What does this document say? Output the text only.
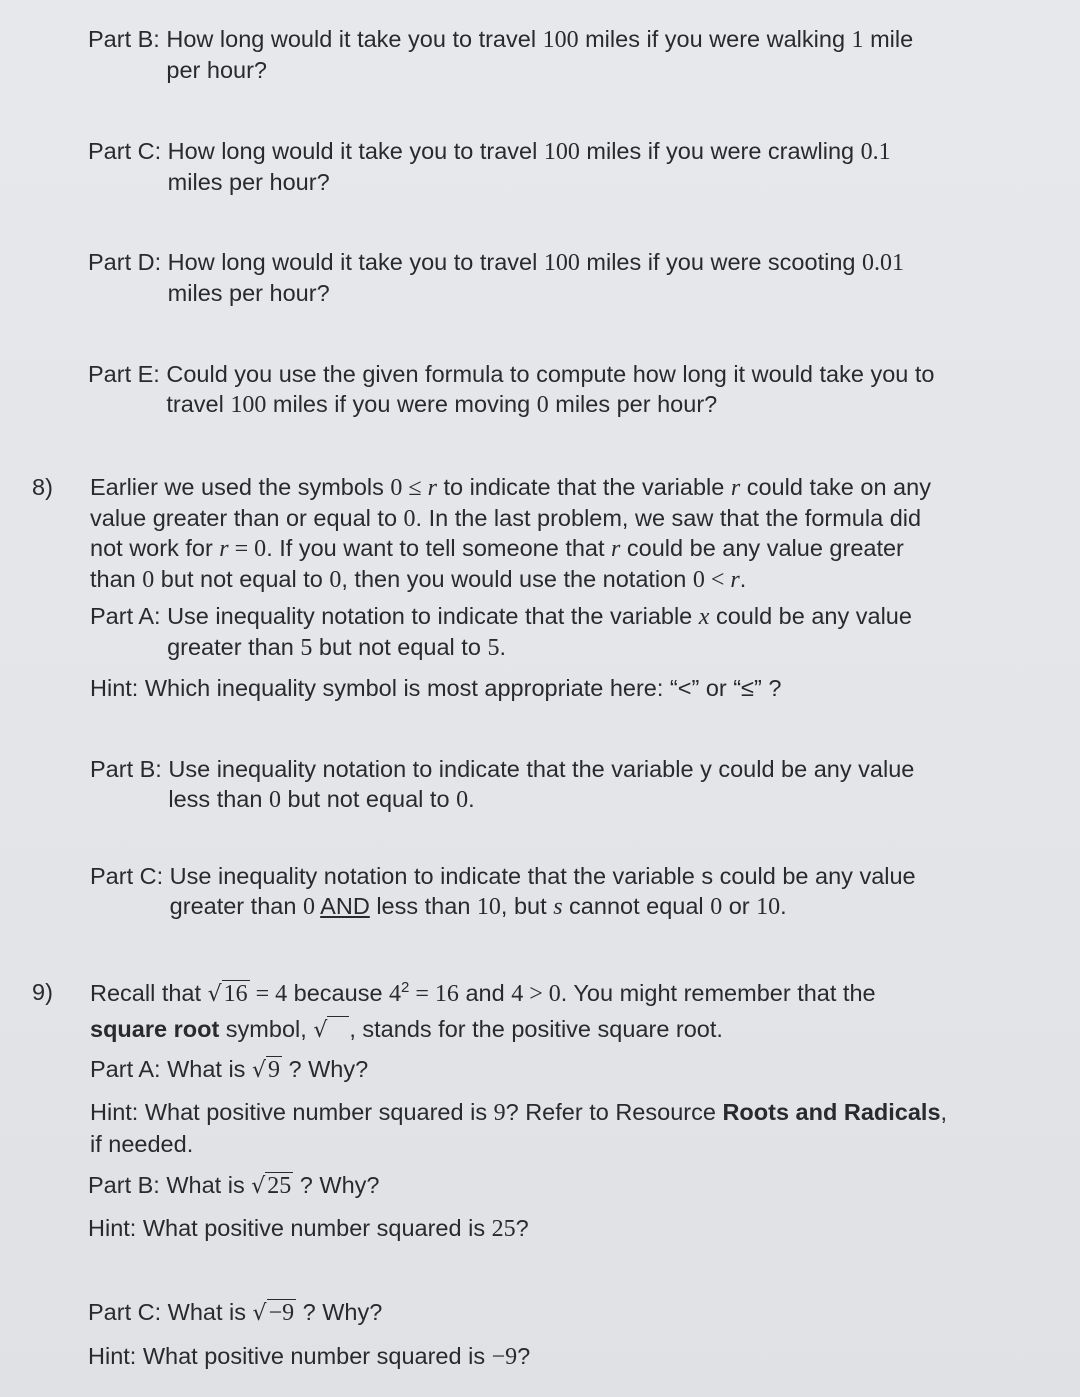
Part B: How long would it take you to travel 100 miles if you were walking 1 mile
per hour?
Part C: How long would it take you to travel 100 miles if you were crawling 0.1
miles per hour?
Part D: How long would it take you to travel 100 miles if you were scooting 0.01
miles per hour?
Part E: Could you use the given formula to compute how long it would take you to
travel 100 miles if you were moving 0 miles per hour?
8) Earlier we used the symbols 0 ≤ r to indicate that the variable r could take on any
value greater than or equal to 0. In the last problem, we saw that the formula did
not work for r = 0. If you want to tell someone that r could be any value greater
than 0 but not equal to 0, then you would use the notation 0 < r.
Part A: Use inequality notation to indicate that the variable x could be any value
greater than 5 but not equal to 5.
Hint: Which inequality symbol is most appropriate here: “<” or “≤” ?
Part B: Use inequality notation to indicate that the variable y could be any value
less than 0 but not equal to 0.
Part C: Use inequality notation to indicate that the variable s could be any value
greater than 0 AND less than 10, but s cannot equal 0 or 10.
9) Recall that √16 = 4 because $4^2 = 16$ and 4 > 0. You might remember that the
square root symbol, √ , stands for the positive square root.
Part A: What is √9 ? Why?
Hint: What positive number squared is 9? Refer to Resource Roots and Radicals,
if needed.
Part B: What is √25 ? Why?
Hint: What positive number squared is 25?
Part C: What is √−9 ? Why?
Hint: What positive number squared is −9?
